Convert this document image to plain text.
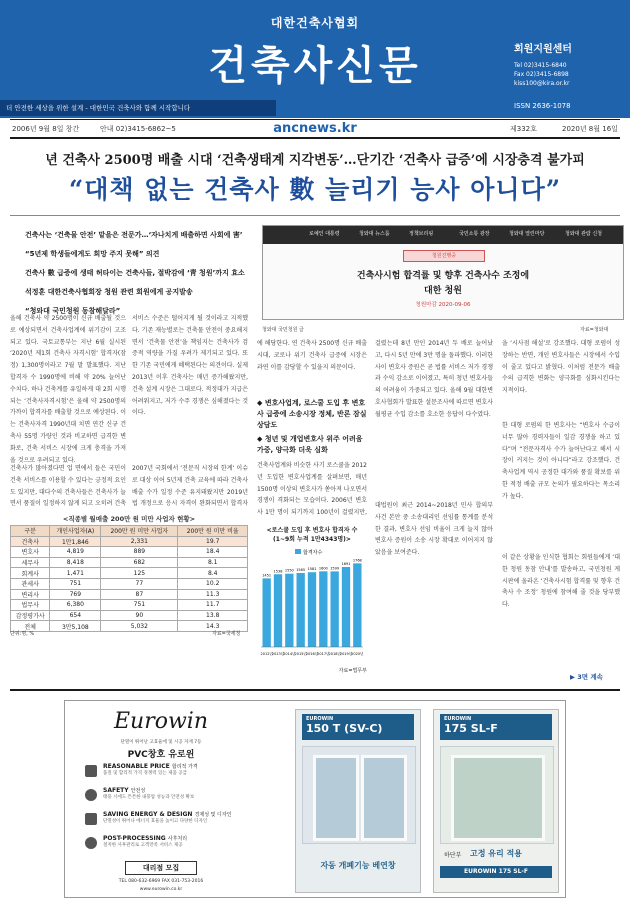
대한건축사협회
건축사신문
더 안전한 세상을 위한 설계 - 대한민국 건축사와 함께 시작합니다
회원지원센터
Tel 02)3415-6840
Fax 02)3415-6898
kiss100@kira.or.kr
ISSN 2636-1078
2006년 9월 8일 창간	안내 02)3415-6862~5	ancnews.kr	제332호	2020년 8월 16일
년 건축사 2500명 배출 시대 ‘건축생태계 지각변동’…단기간 ‘건축사 급증’에 시장충격 불가피
“대책 없는 건축사 數 늘리기 능사 아니다”
건축사는 ‘건축물 안전’ 맡을은 전문가…‘자나치게 배출하면 사회에 害’
“5년제 학생들에게도 희망 주지 못해” 의견
건축사 數 급증에 생태 허타이는 건축사들, 절박감에 ‘靑 청원’까지 효소
석정훈 대한건축사협회장 청원 관련 회원에게 공지발송
“청와대 국민청원 동참해달라”
로예인 대통령	청와대 뉴스룸	정책브리핑	국민소통 광장	청와대 열린마당	청와대 관람 신청
청원진행중
건축사시험 합격률 및 향후 건축사수 조정에
대한 청원
청원마감 2020-09-06
청와대 국민청원 글	자료=청와대
올해 건축사 약 2500명이 신규 배출될 것으로 예상되면서 건축사업계에 위기감이 고조되고 있다. 국토교통부는 지난 6월 실시된 ‘2020년 제1회 건축사 자격시험’ 합격자(잠정) 1,300명이라고 7월 말 발표했다. 지난 합격자 수 1990명에 비해 약 20% 늘어난 수치다. 하나 건축계를 유일하게 대 2회 시행되는 ‘건축사자격시험’은 올해 약 2500명의 가까이 합격자를 배출할 것으로 예상된다. 이는 건축사자격 1990년대 치면 연간 신규 건축사 55명 가량인 것과 비교하면 급격한 변화로, 건축 서비스 시장에 크게 충격을 가져올 것으로 우려되고 있다.
서비스 수준은 떨어지게 될 것이라고 지적했다. 기존 재능별로는 건축물 안전이 중요해지면서 ‘건축물 안전’을 책임지는 건축사가 검증적 역량을 가질 우려가 제기되고 있다. 또한 기존 국민에게 혜택된다는 의견이다. 실제 2013년 이후 건축사는 매년 증가해왔지만, 건축 설계 시장은 그대로다. 적정대가 지급은 어려워지고, 저가 수주 경쟁은 심해졌다는 것이다.
건축사가 많아졌다면 업 면에서 들은 국민이 건축 서비스를 이용할 수 있다는 긍정적 요인도 있지만, 대다수의 건축사들은 건축사가 늘면서 품질이 일정하지 않게 되고 오히려 건축
2007년 국회에서 ‘전문직 시장의 한계’ 이슈로 대상 이어 5년제 건축 교육에 따라 건축사 배출 수가 일정 수준 유지돼왔지만 2019년 법 개정으로 응시 자격이 완화되면서 합격자
<직종별 월매출 200만 원 미만 사업자 현황>
구분	개인사업자(A)	200만 원 미만 사업자	200만 원 미만 비율
건축사	1만1,846	2,331	19.7
변호사	4,819	889	18.4
세무사	8,418	682	8.1
회계사	1,471	125	8.4
관세사	751	77	10.2
변리사	769	87	11.3
법무사	6,380	751	11.7
감정평가사	654	90	13.8
전체	3만5,108	5,032	14.3
단위:명, %	자료=국세청
에 해당한다. 연 건축사 2500명 신규 배출 시대, 코로나 위기 건축사 급증에 시장은 과연 이를 감당할 수 있을지 의문이다.
◆ 변호사업계, 로스쿨 도입 후 변호사 급증에 소송시장 정체, 반론 잠실 상담도
◆ 청년 및 개업변호사 위주 어려움 가중, 양극화 더욱 심화
건축사업계와 비슷한 사기 로스쿨을 2012년 도입한 변호사업계를 살펴보면, 매년 1500명 이상의 변호사가 쏟아져 나오면서 경쟁이 격화되는 모습이다. 2006년 변호사 1만 명이 되기까지 100년이 걸렸지만,
<로스쿨 도입 후 변호사 합격자 수
(1~9회 누적 1만4343명)>
합격자수
1451
2012년
1538
2013년
1550
2014년
1565
2015년
1581
2016년
1600
2017년
1599
2018년
1691
2019년
1768
2020년
자료=법무부
걸렸는데 8년 만인 2014년 두 배로 늘어났고, 다시 5년 만에 3만 명을 돌파했다. 이러한 사이 변호사 증원은 곧 법률 서비스 저가 경쟁과 수익 감소로 이어졌고, 특히 청년 변호사들의 어려움이 가중되고 있다. 올해 9월 대한변호사협회가 발표한 설문조사에 따르면 변호사 월평균 수입 감소를 호소한 응답이 다수였다.
대법원이 최근 2014~2018년 민사 합의부 사건 본안 중 소송대리인 선임률 통계를 분석한 결과, 변호사 선임 비율이 크게 늘지 않아 변호사 증원이 소송 시장 확대로 이어지지 않았음을 보여준다.
을 ‘시사점 해설’로 강조했다. 대형 로펌이 성장하는 반면, 개인 변호사들은 시장에서 수입이 줄고 있다고 밝혔다. 이처럼 전문가 배출 수의 급격한 변화는 양극화를 심화시킨다는 지적이다.
한 대형 로펌의 한 변호사는 “변호사 수급이 너무 많아 경력자들이 일감 경쟁을 하고 있다”며 “전문자격사 수가 늘어난다고 해서 시장이 커지는 것이 아니다”라고 강조했다. 건축사업계 역시 공정한 대가와 품질 확보를 위한 적정 배출 규모 논의가 필요하다는 목소리가 높다.
이 같은 상황을 인식한 협회는 회원들에게 ‘대한 청원 동참 안내’를 발송하고, 국민청원 게시판에 올라온 ‘건축사시험 합격률 및 향후 건축사 수 조정’ 청원에 참여해 줄 것을 당부했다.
▶ 3면 계속
Eurowin
단열이 뛰어난 고효율에 및 시공 자재 7등
PVC창호 유로윈
REASONABLE PRICE 합리적 가격
품질 및 합리적 가격 경쟁력 있는 제품 공급
SAFETY 안전성
태풍 시에도 튼튼한 내풍압 성능과 안전성 확보
SAVING ENERGY & DESIGN 경제성 및 디자인
단열성이 뛰어나 에너지 효율을 높이고 다양한 디자인
POST-PROCESSING 사후처리
철저한 사후관리로 고객만족 서비스 제공
대리점 모집
TEL 080-632-6969 FAX 031-753-2016
www.eurowin.co.kr
EUROWIN
150 T (SV-C)
자동 개폐기능 베연창
EUROWIN
175 SL-F
하단부 고정 유리 적용
EUROWIN 175 SL-F
